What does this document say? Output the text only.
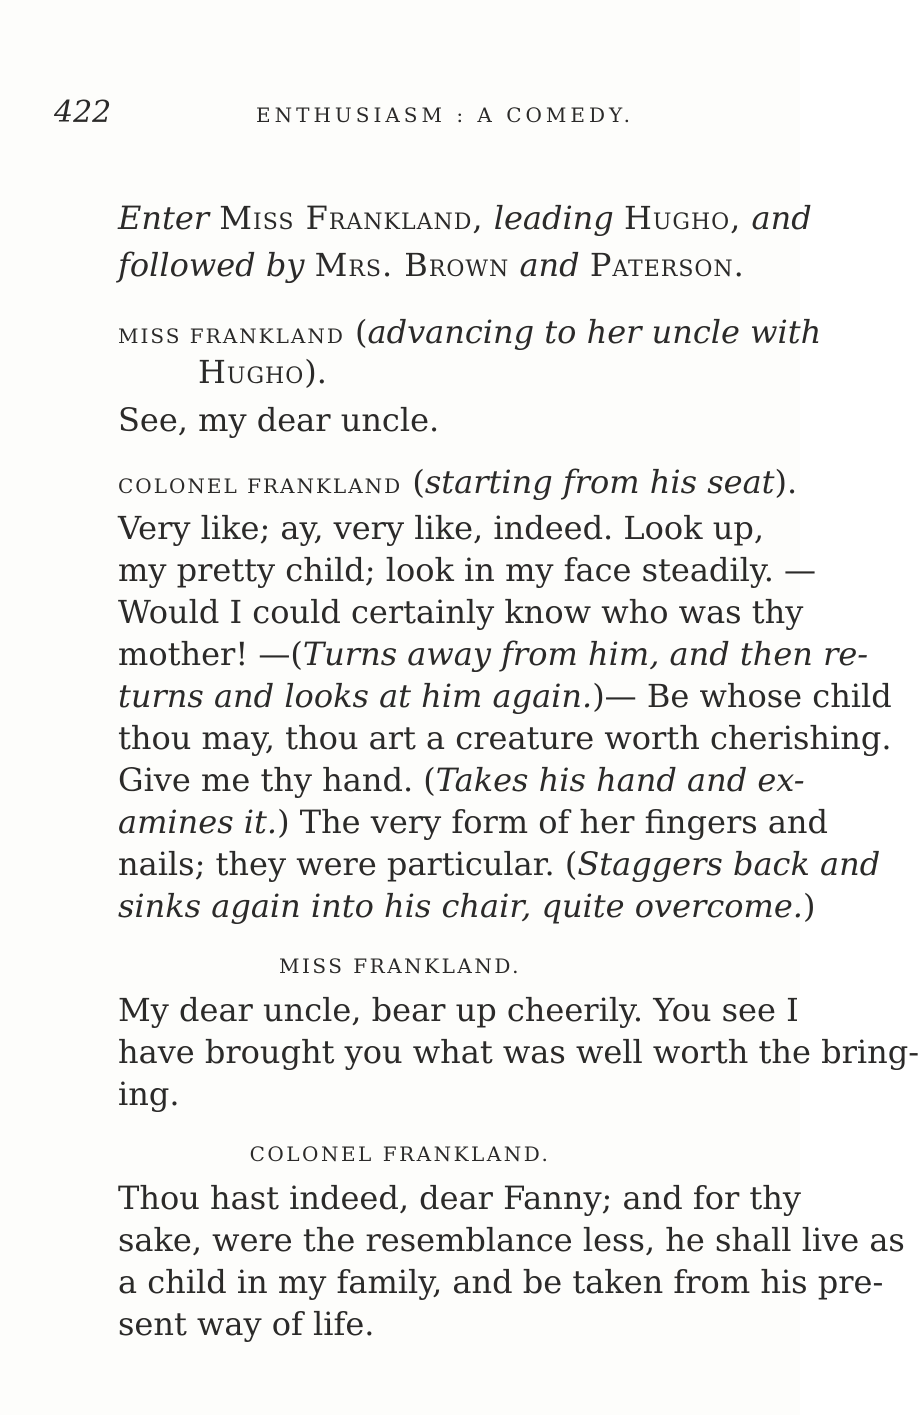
422	ENTHUSIASM : A COMEDY.
Enter Miss Frankland, leading Hugho, and
followed by Mrs. Brown and Paterson.
MISS FRANKLAND (advancing to her uncle with
Hugho).
See, my dear uncle.
COLONEL FRANKLAND (starting from his seat).
Very like; ay, very like, indeed. Look up,
my pretty child; look in my face steadily. —
Would I could certainly know who was thy
mother! —(Turns away from him, and then re-
turns and looks at him again.)— Be whose child
thou may, thou art a creature worth cherishing.
Give me thy hand. (Takes his hand and ex-
amines it.) The very form of her fingers and
nails; they were particular. (Staggers back and
sinks again into his chair, quite overcome.)
MISS FRANKLAND.
My dear uncle, bear up cheerily. You see I
have brought you what was well worth the bring-
ing.
COLONEL FRANKLAND.
Thou hast indeed, dear Fanny; and for thy
sake, were the resemblance less, he shall live as
a child in my family, and be taken from his pre-
sent way of life.
